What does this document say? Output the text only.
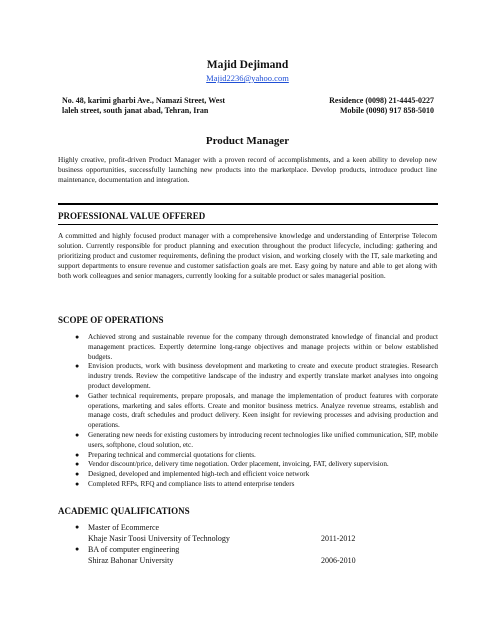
Majid Dejimand
Majid2236@yahoo.com
No. 48, karimi gharbi Ave., Namazi Street, West
laleh street, south janat abad, Tehran, Iran
Residence (0098) 21-4445-0227
Mobile (0098) 917 858-5010
Product Manager
Highly creative, profit-driven Product Manager with a proven record of accomplishments, and a keen ability to develop new business opportunities, successfully launching new products into the marketplace. Develop products, introduce product line maintenance, documentation and integration.
PROFESSIONAL VALUE OFFERED
A committed and highly focused product manager with a comprehensive knowledge and understanding of Enterprise Telecom solution. Currently responsible for product planning and execution throughout the product lifecycle, including: gathering and prioritizing product and customer requirements, defining the product vision, and working closely with the IT, sale marketing and support departments to ensure revenue and customer satisfaction goals are met. Easy going by nature and able to get along with both work colleagues and senior managers, currently looking for a suitable product or sales managerial position.
SCOPE OF OPERATIONS
● Achieved strong and sustainable revenue for the company through demonstrated knowledge of financial and product management practices. Expertly determine long-range objectives and manage projects within or below established budgets.
● Envision products, work with business development and marketing to create and execute product strategies. Research industry trends. Review the competitive landscape of the industry and expertly translate market analyses into ongoing product development.
● Gather technical requirements, prepare proposals, and manage the implementation of product features with corporate operations, marketing and sales efforts. Create and monitor business metrics. Analyze revenue streams, establish and manage costs, draft schedules and product delivery. Keen insight for reviewing processes and advising production and operations.
● Generating new needs for existing customers by introducing recent technologies like unified communication, SIP, mobile users, softphone, cloud solution, etc.
● Preparing technical and commercial quotations for clients.
● Vendor discount/price, delivery time negotiation. Order placement, invoicing, FAT, delivery supervision.
● Designed, developed and implemented high-tech and efficient voice network
● Completed RFPs, RFQ and compliance lists to attend enterprise tenders
ACADEMIC QUALIFICATIONS
● Master of Ecommerce
Khaje Nasir Toosi University of Technology	2011-2012
● BA of computer engineering
Shiraz Bahonar University	2006-2010
